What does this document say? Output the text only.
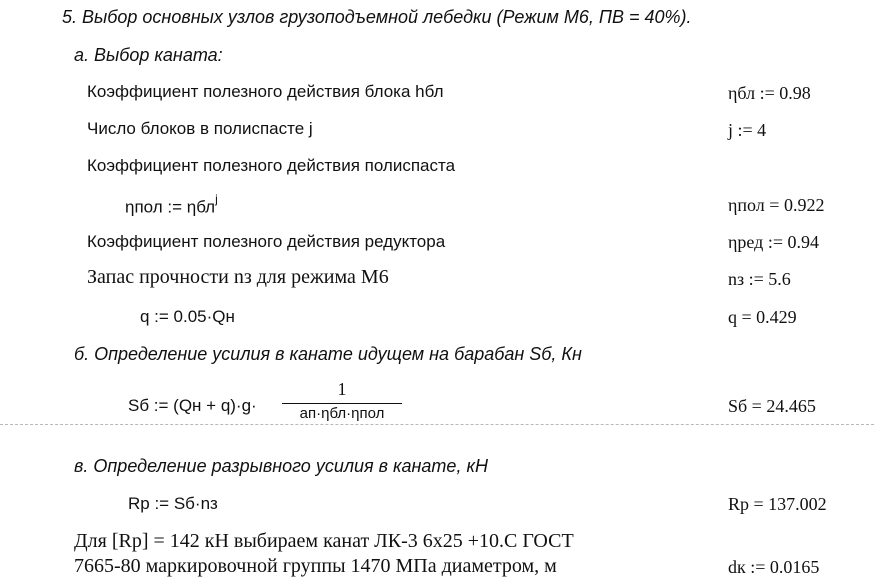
5. Выбор основных узлов грузоподъемной лебедки (Режим М6, ПВ = 40%).
а. Выбор каната:
Коэффициент полезного действия блока hбл	ηбл := 0.98
Число блоков в полиспасте j	j := 4
Коэффициент полезного действия полиспаста
ηпол := ηбл$^j$	ηпол = 0.922
Коэффициент полезного действия редуктора	ηред := 0.94
Запас прочности nз для режима М6	nз := 5.6
q := 0.05·Qн	q = 0.429
б. Определение усилия в канате идущем на барабан Sб, Кн
Sб := (Qн + q)·g·
1
aп·ηбл·ηпол	Sб = 24.465
в. Определение разрывного усилия в канате, кН
Rр := Sб·nз	Rр = 137.002
Для [Rр] = 142 кН выбираем канат ЛК-3 6х25 +10.С ГОСТ
7665-80 маркировочной группы 1470 МПа диаметром, м	dк := 0.0165
